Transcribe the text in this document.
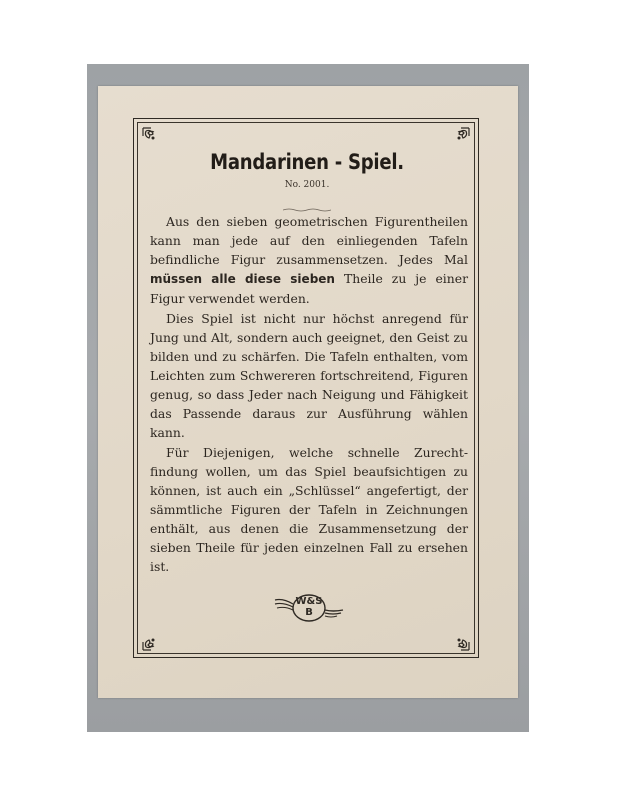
Mandarinen - Spiel.
No. 2001.

Aus den sieben geometrischen Figurentheilen kann man jede auf den einliegenden Tafeln befindliche Figur zusammensetzen. Jedes Mal müssen alle diese sieben Theile zu je einer Figur verwendet werden.

Dies Spiel ist nicht nur höchst anregend für Jung und Alt, sondern auch geeignet, den Geist zu bilden und zu schärfen. Die Tafeln enthalten, vom Leichten zum Schwereren fortschreitend, Figuren genug, so dass Jeder nach Neigung und Fähigkeit das Passende daraus zur Ausführung wählen kann.

Für Diejenigen, welche schnelle Zurechtfindung wollen, um das Spiel beaufsichtigen zu können, ist auch ein „Schlüssel“ angefertigt, der sämmtliche Figuren der Tafeln in Zeichnungen enthält, aus denen die Zusammensetzung der sieben Theile für jeden einzelnen Fall zu ersehen ist.

W&S
B
